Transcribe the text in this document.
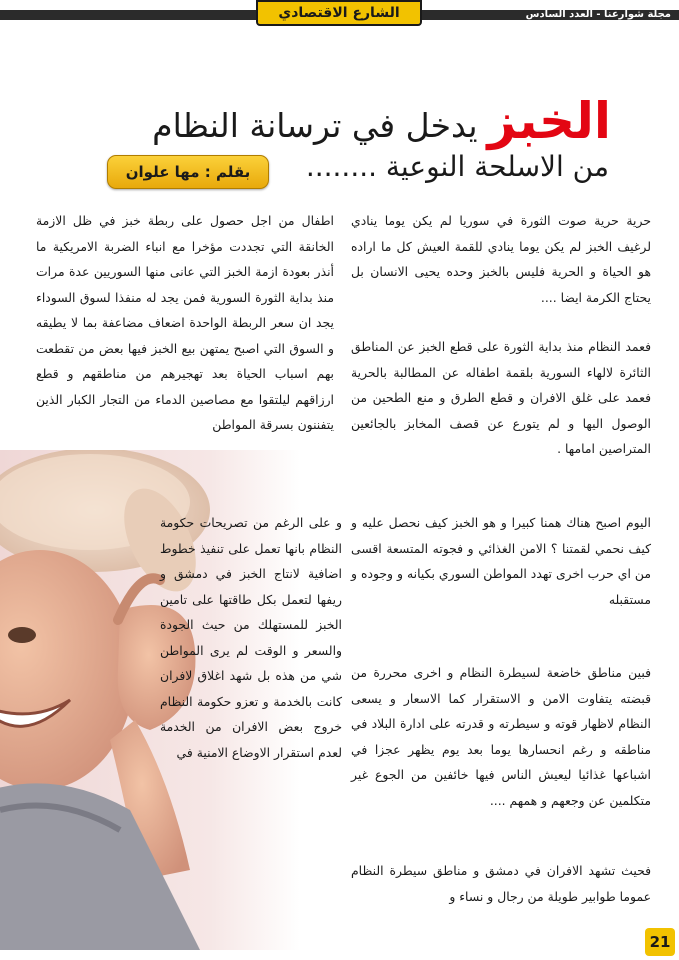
مجلة شوارعنا - العدد السادس
الشارع الاقتصادي
الخبز
يدخل في ترسانة النظام
من الاسلحة النوعية ........
بقلم : مها علوان

حرية حرية صوت الثورة في سوريا لم يكن يوما ينادي لرغيف الخبز لم يكن يوما ينادي للقمة العيش كل ما اراده هو الحياة و الحرية فليس بالخبز وحده يحيى الانسان بل يحتاج الكرمة ايضا ....

فعمد النظام منذ بداية الثورة على قطع الخبز عن المناطق الثائرة لالهاء السورية بلقمة اطفاله عن المطالبة بالحرية فعمد على غلق الافران و قطع الطرق و منع الطحين من الوصول اليها و لم يتورع عن قصف المخابز بالجائعين المتراصين امامها .

اليوم اصبح هناك همنا كبيرا و هو الخبز كيف نحصل عليه و كيف نحمي لقمتنا ؟ الامن الغذائي و فجوته المتسعة اقسى من اي حرب اخرى تهدد المواطن السوري بكيانه و وجوده و مستقبله

فبين مناطق خاضعة لسيطرة النظام و اخرى محررة من قبضته يتفاوت الامن و الاستقرار كما الاسعار و يسعى النظام لاظهار قوته و سيطرته و قدرته على ادارة البلاد في مناطقه و رغم انحسارها يوما بعد يوم يظهر عجزا في اشباعها غذائيا ليعيش الناس فيها خائفين من الجوع غير متكلمين عن وجعهم و همهم ....

فحيث تشهد الافران في دمشق و مناطق سيطرة النظام عموما طوابير طويلة من رجال و نساء و

اطفال من اجل حصول على ربطة خبز في ظل الازمة الخانقة التي تجددت مؤخرا مع انباء الضربة الامريكية ما أنذر بعودة ازمة الخبز التي عانى منها السوريين عدة مرات منذ بداية الثورة السورية فمن يجد له منفذا لسوق السوداء يجد ان سعر الربطة الواحدة اضعاف مضاعفة بما لا يطيقه و السوق التي اصبح يمتهن بيع الخبز فيها بعض من تقطعت بهم اسباب الحياة بعد تهجيرهم من مناطقهم و قطع ارزاقهم ليلتقوا مع مصاصين الدماء من التجار الكبار الذين يتفننون بسرقة المواطن

و على الرغم من تصريحات حكومة النظام بانها تعمل على تنفيذ خطوط اضافية لانتاج الخبز في دمشق و ريفها لتعمل بكل طاقتها على تامين الخبز للمستهلك من حيث الجودة والسعر و الوقت لم يرى المواطن شي من هذه بل شهد اغلاق لافران كانت بالخدمة و تعزو حكومة النظام خروج بعض الافران من الخدمة لعدم استقرار الاوضاع الامنية في

21
